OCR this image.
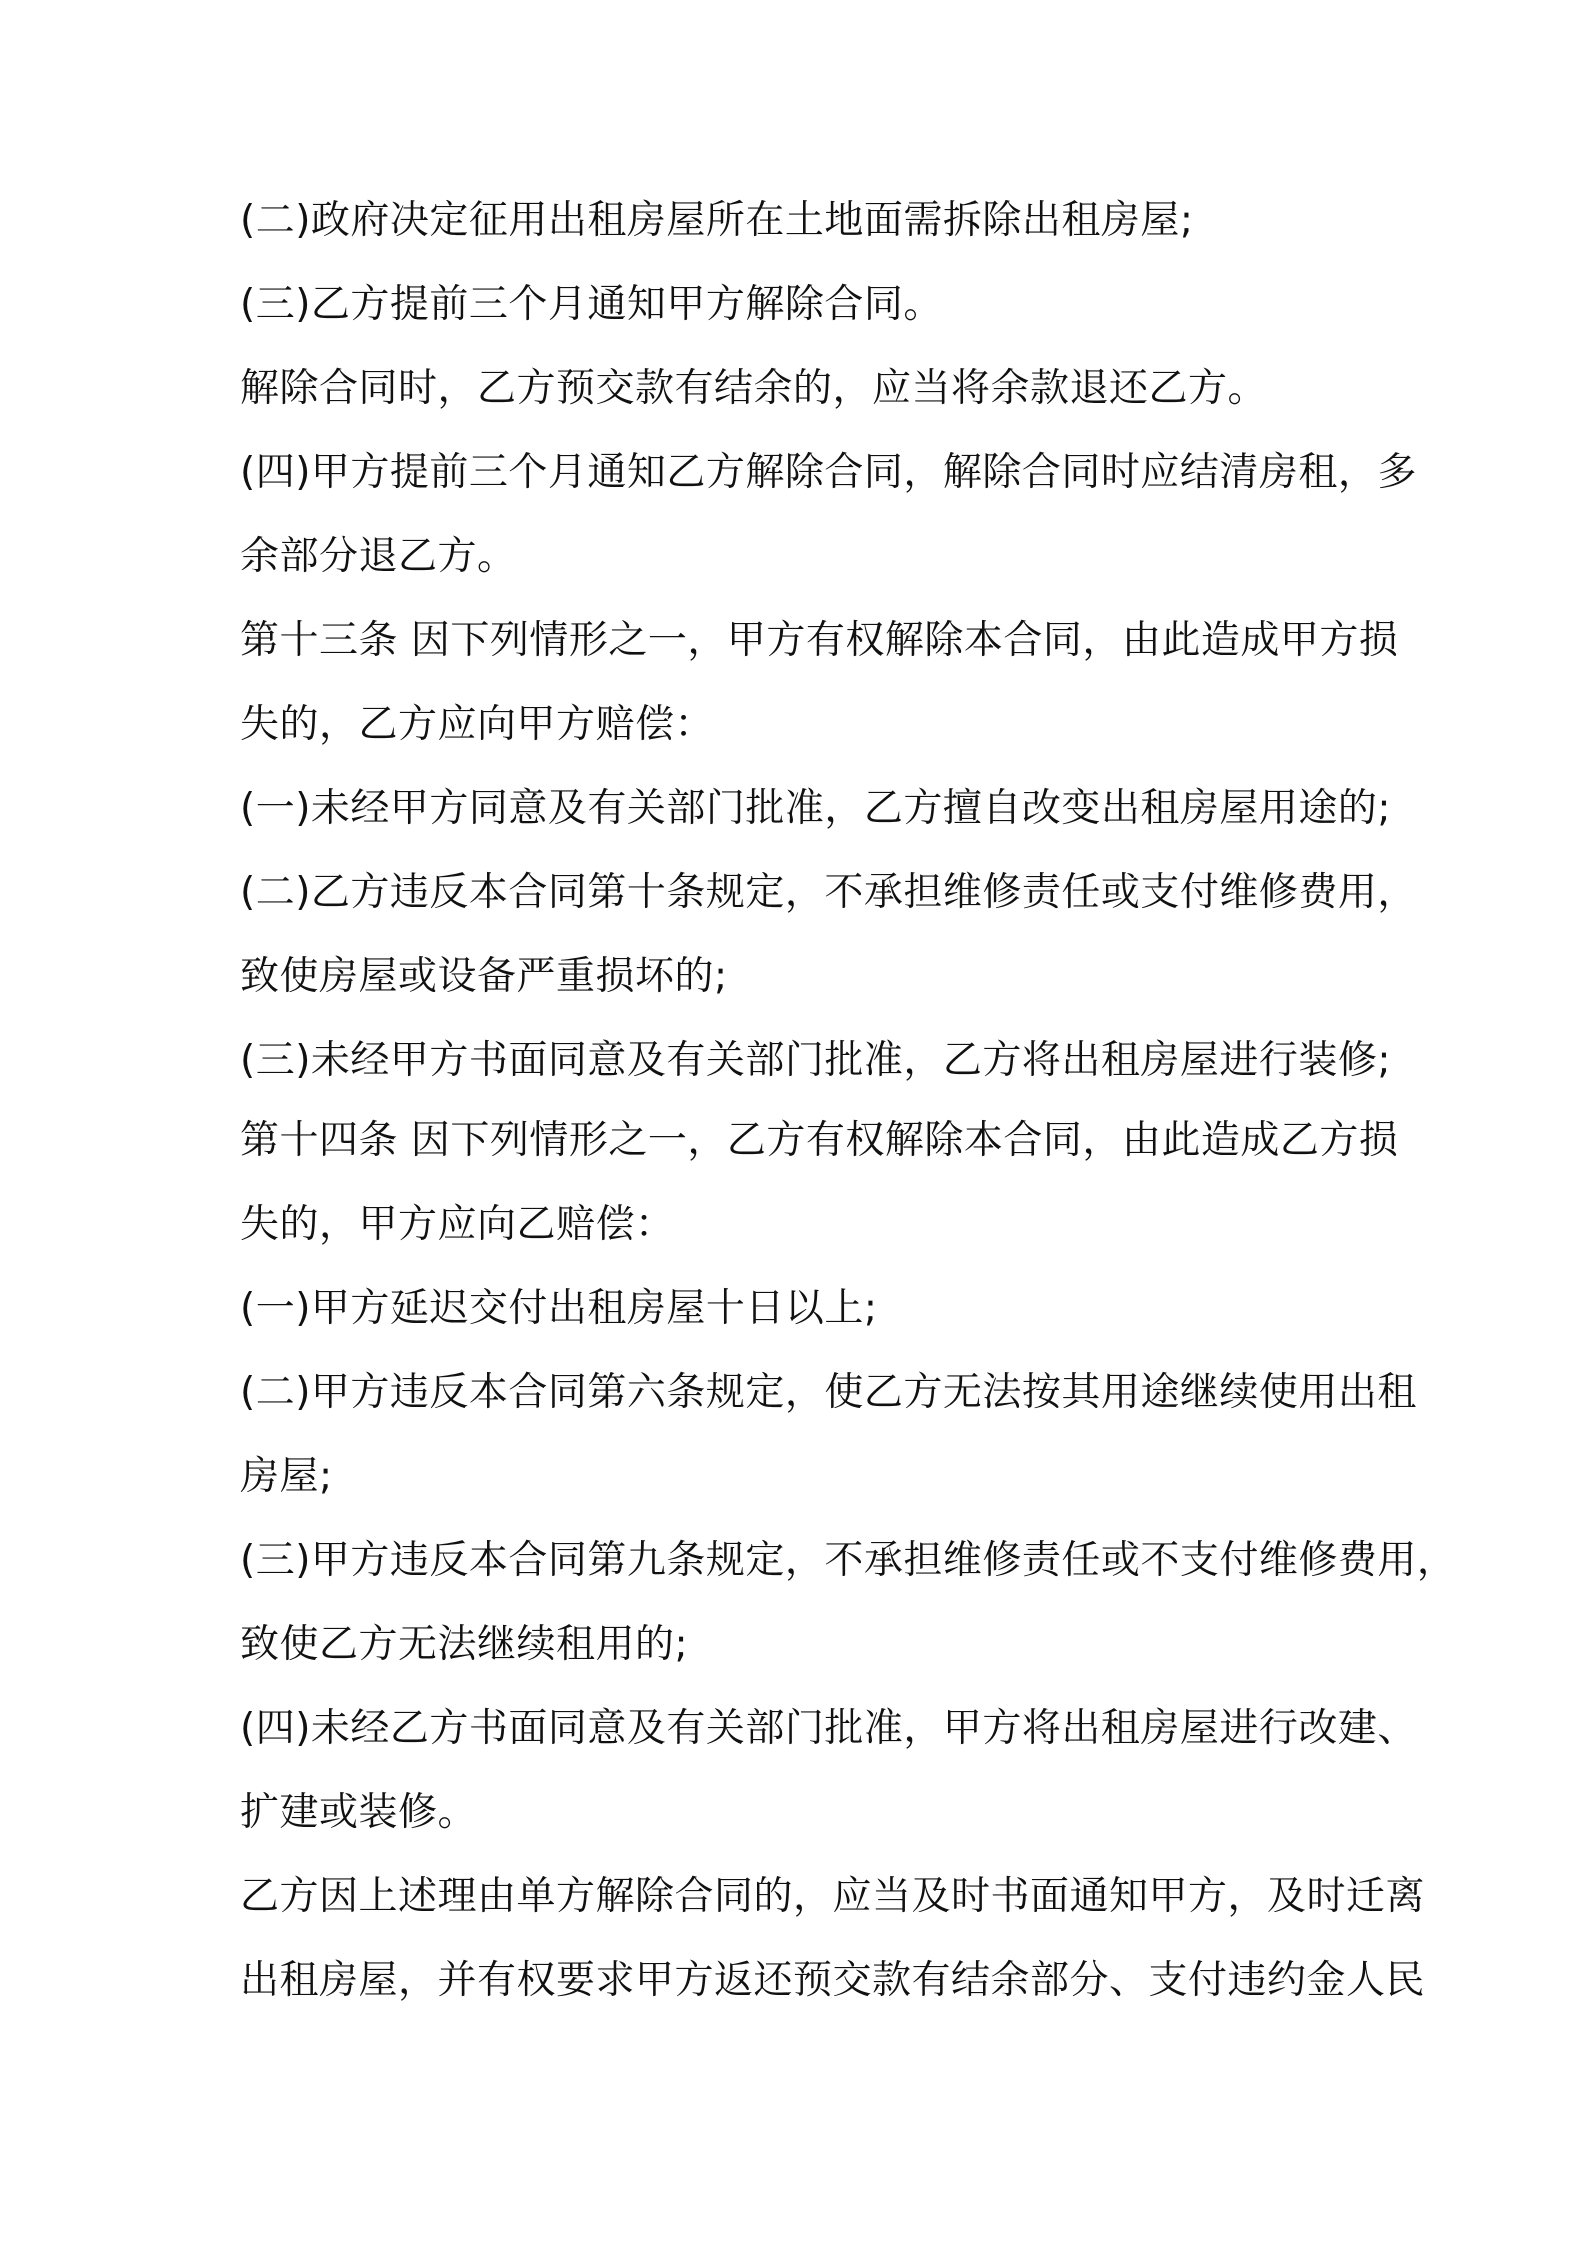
(二)政府决定征用出租房屋所在土地面需拆除出租房屋;
(三)乙方提前三个月通知甲方解除合同。
解除合同时，乙方预交款有结余的，应当将余款退还乙方。
(四)甲方提前三个月通知乙方解除合同，解除合同时应结清房租，多
余部分退乙方。
第十三条 因下列情形之一，甲方有权解除本合同，由此造成甲方损
失的，乙方应向甲方赔偿：
(一)未经甲方同意及有关部门批准，乙方擅自改变出租房屋用途的;
(二)乙方违反本合同第十条规定，不承担维修责任或支付维修费用，
致使房屋或设备严重损坏的;
(三)未经甲方书面同意及有关部门批准，乙方将出租房屋进行装修;
第十四条 因下列情形之一，乙方有权解除本合同，由此造成乙方损
失的，甲方应向乙赔偿：
(一)甲方延迟交付出租房屋十日以上;
(二)甲方违反本合同第六条规定，使乙方无法按其用途继续使用出租
房屋;
(三)甲方违反本合同第九条规定，不承担维修责任或不支付维修费用，
致使乙方无法继续租用的;
(四)未经乙方书面同意及有关部门批准，甲方将出租房屋进行改建、
扩建或装修。
乙方因上述理由单方解除合同的，应当及时书面通知甲方，及时迁离
出租房屋，并有权要求甲方返还预交款有结余部分、支付违约金人民
